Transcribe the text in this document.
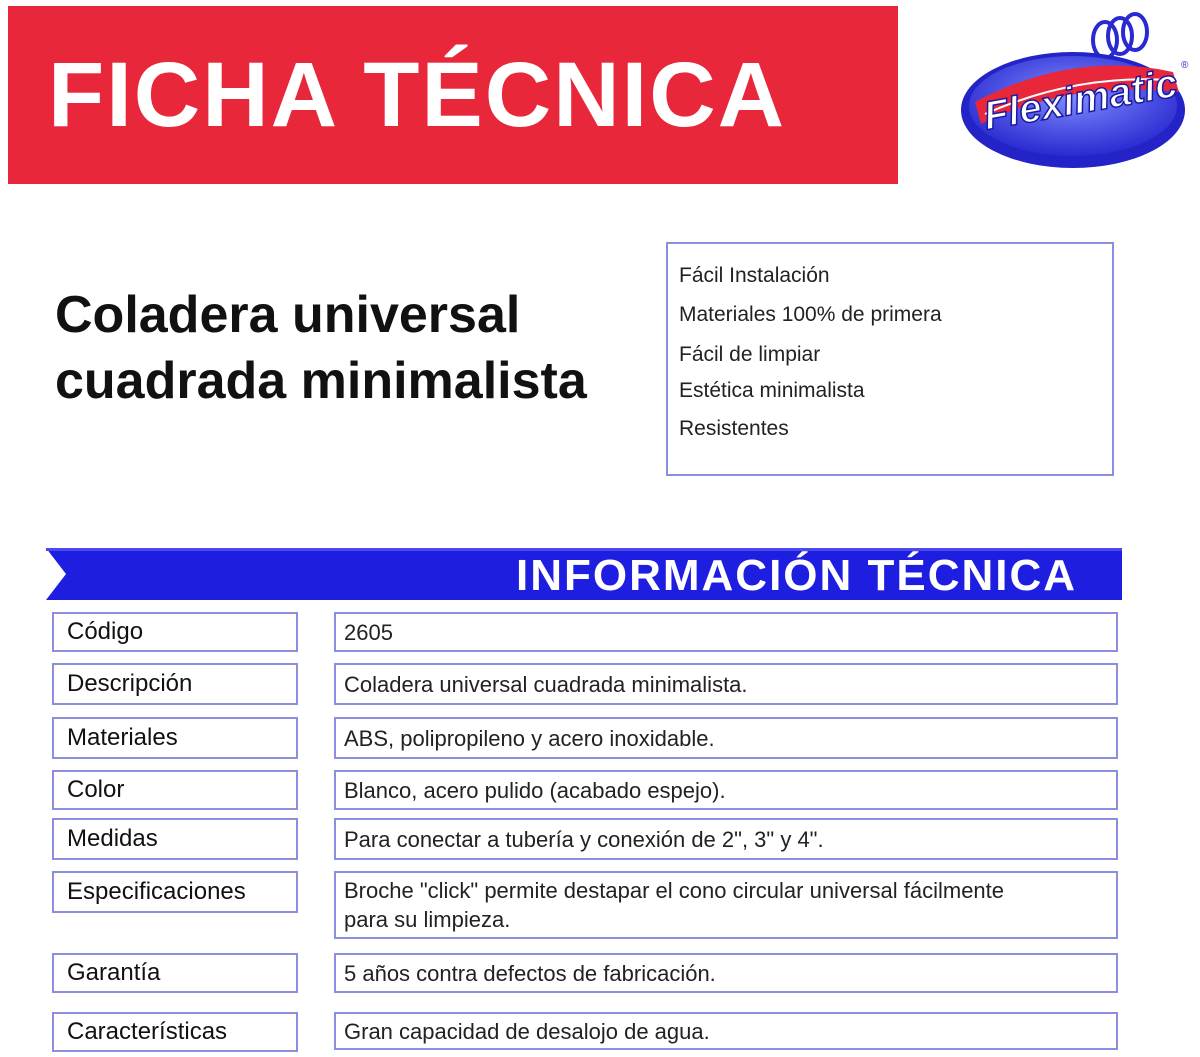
FICHA TÉCNICA	Fleximatic ®
Coladera universal
cuadrada minimalista
Fácil Instalación
Materiales 100% de primera
Fácil de limpiar
Estética minimalista
Resistentes
INFORMACIÓN TÉCNICA
Código	2605
Descripción	Coladera universal cuadrada minimalista.
Materiales	ABS, polipropileno y acero inoxidable.
Color	Blanco, acero pulido (acabado espejo).
Medidas	Para conectar a tubería y conexión de 2", 3" y 4".
Especificaciones	Broche "click" permite destapar el cono circular universal fácilmente
para su limpieza.
Garantía	5 años contra defectos de fabricación.
Características	Gran capacidad de desalojo de agua.
